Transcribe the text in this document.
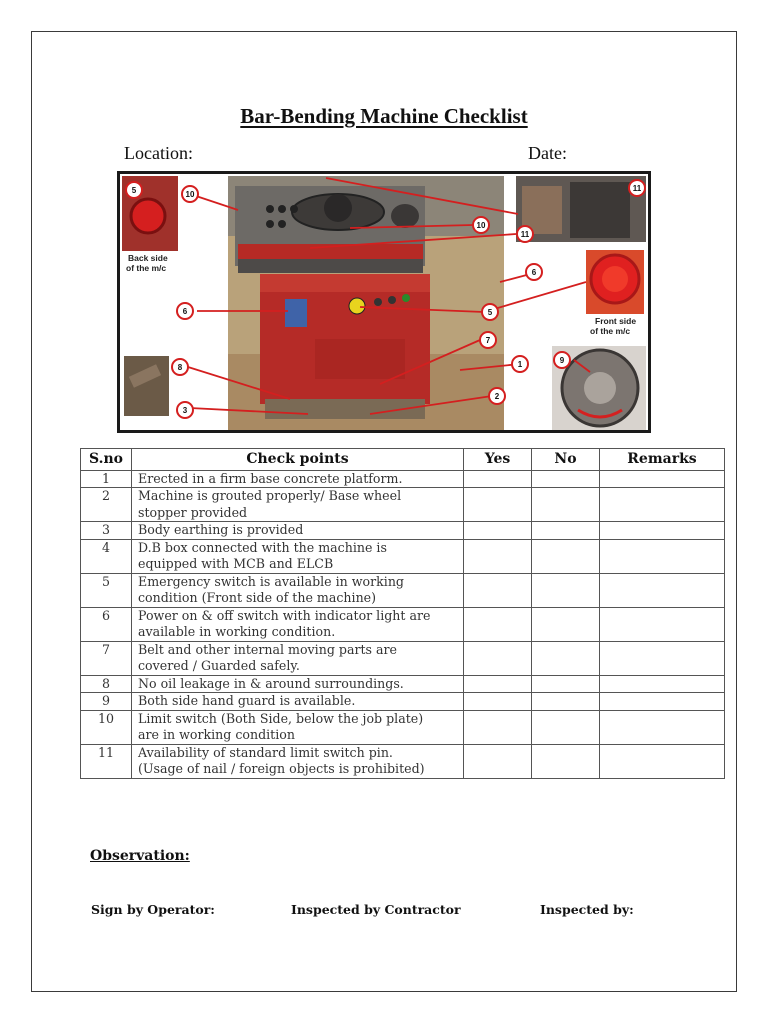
Bar-Bending Machine Checklist
Location:	Date:
Back side
of the m/c
Front side
of the m/c
5	10
6
8
3
10
11
11
6
5
7
1
2
9
S.no	Check points	Yes	No	Remarks
1	Erected in a firm base concrete platform.			

2	Machine is grouted properly/ Base wheel
stopper provided			

3	Body earthing is provided			

4	D.B box connected with the machine is
equipped with MCB and ELCB			

5	Emergency switch is available in working
condition (Front side of the machine)			

6	Power on & off switch with indicator light are
available in working condition.			

7	Belt and other internal moving parts are
covered / Guarded safely.			

8	No oil leakage in & around surroundings.			

9	Both side hand guard is available.			

10	Limit switch (Both Side, below the job plate)
are in working condition			

11	Availability of standard limit switch pin.
(Usage of nail / foreign objects is prohibited)			

Observation:
Sign by Operator:	Inspected by Contractor	Inspected by:
